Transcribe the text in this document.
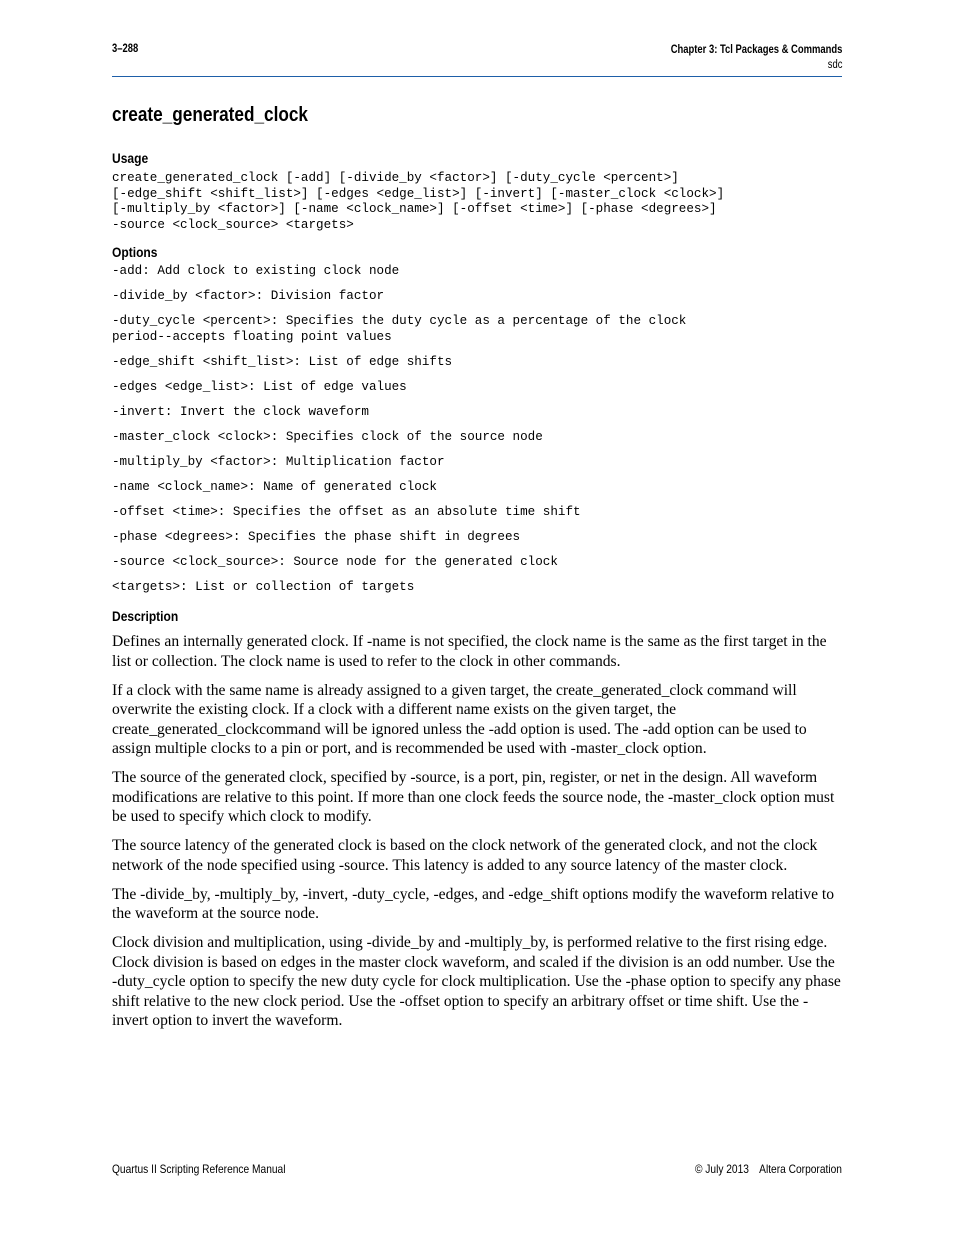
3–288	Chapter 3: Tcl Packages & Commands
sdc
create_generated_clock
Usage
create_generated_clock [-add] [-divide_by <factor>] [-duty_cycle <percent>]
[-edge_shift <shift_list>] [-edges <edge_list>] [-invert] [-master_clock <clock>]
[-multiply_by <factor>] [-name <clock_name>] [-offset <time>] [-phase <degrees>]
-source <clock_source> <targets>
Options
-add: Add clock to existing clock node
-divide_by <factor>: Division factor
-duty_cycle <percent>: Specifies the duty cycle as a percentage of the clock
period--accepts floating point values
-edge_shift <shift_list>: List of edge shifts
-edges <edge_list>: List of edge values
-invert: Invert the clock waveform
-master_clock <clock>: Specifies clock of the source node
-multiply_by <factor>: Multiplication factor
-name <clock_name>: Name of generated clock
-offset <time>: Specifies the offset as an absolute time shift
-phase <degrees>: Specifies the phase shift in degrees
-source <clock_source>: Source node for the generated clock
<targets>: List or collection of targets
Description

Defines an internally generated clock. If -name is not specified, the clock name is the same as the first target in the list or collection. The clock name is used to refer to the clock in other commands.

If a clock with the same name is already assigned to a given target, the create_generated_clock command will overwrite the existing clock. If a clock with a different name exists on the given target, the create_generated_clockcommand will be ignored unless the -add option is used. The -add option can be used to assign multiple clocks to a pin or port, and is recommended be used with -master_clock option.

The source of the generated clock, specified by -source, is a port, pin, register, or net in the design. All waveform modifications are relative to this point. If more than one clock feeds the source node, the -master_clock option must be used to specify which clock to modify.

The source latency of the generated clock is based on the clock network of the generated clock, and not the clock network of the node specified using -source. This latency is added to any source latency of the master clock.

The -divide_by, -multiply_by, -invert, -duty_cycle, -edges, and -edge_shift options modify the waveform relative to the waveform at the source node.

Clock division and multiplication, using -divide_by and -multiply_by, is performed relative to the first rising edge. Clock division is based on edges in the master clock waveform, and scaled if the division is an odd number. Use the -duty_cycle option to specify the new duty cycle for clock multiplication. Use the -phase option to specify any phase shift relative to the new clock period. Use the -offset option to specify an arbitrary offset or time shift. Use the -invert option to invert the waveform.

Quartus II Scripting Reference Manual	© July 2013 Altera Corporation
